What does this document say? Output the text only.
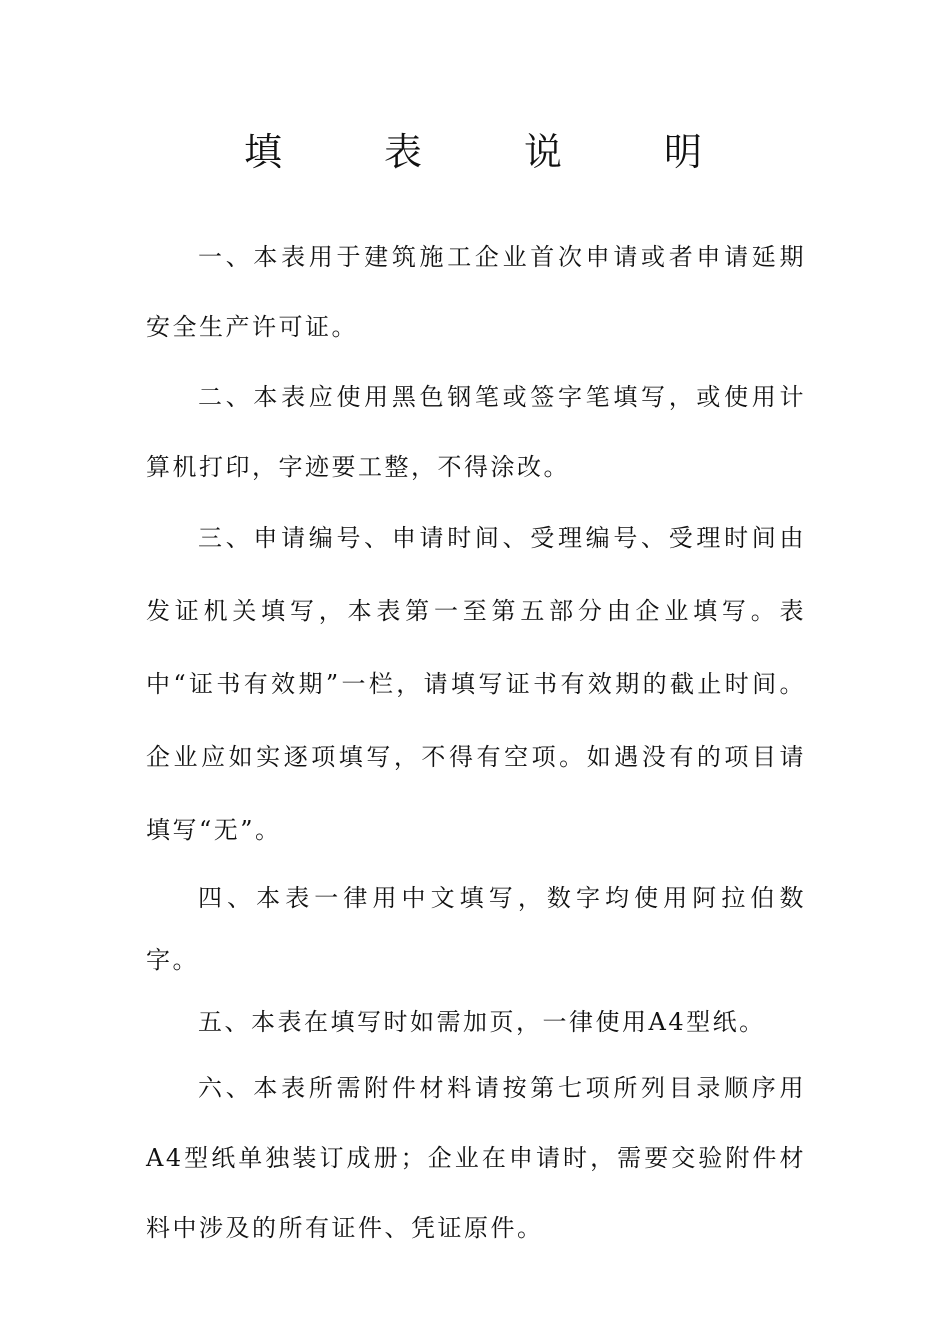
填　表　说　明

一、本表用于建筑施工企业首次申请或者申请延期安全生产许可证。

二、本表应使用黑色钢笔或签字笔填写，或使用计算机打印，字迹要工整，不得涂改。

三、申请编号、申请时间、受理编号、受理时间由发证机关填写，本表第一至第五部分由企业填写。表中“证书有效期”一栏，请填写证书有效期的截止时间。企业应如实逐项填写，不得有空项。如遇没有的项目请填写“无”。

四、本表一律用中文填写，数字均使用阿拉伯数字。

五、本表在填写时如需加页，一律使用A4型纸。

六、本表所需附件材料请按第七项所列目录顺序用A4型纸单独装订成册；企业在申请时，需要交验附件材料中涉及的所有证件、凭证原件。
